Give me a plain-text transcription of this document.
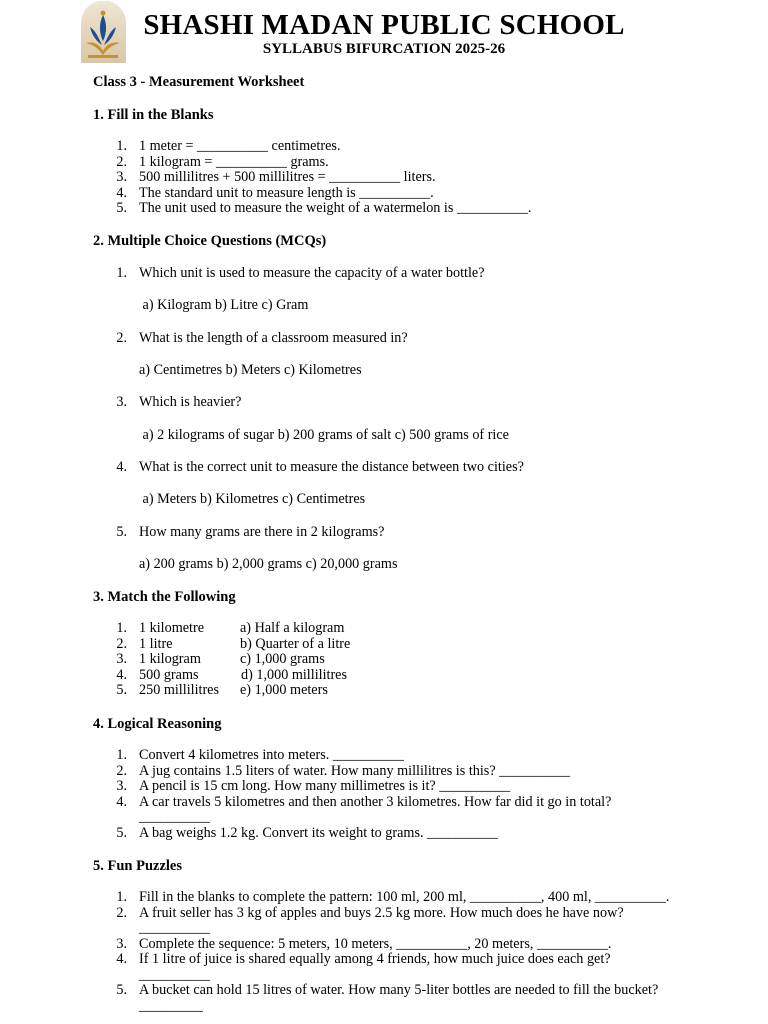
SHASHI MADAN PUBLIC SCHOOL
SYLLABUS BIFURCATION 2025-26
Class 3 - Measurement Worksheet
1. Fill in the Blanks
1. 1 meter = __________ centimetres.
2. 1 kilogram = __________ grams.
3. 500 millilitres + 500 millilitres = __________ liters.
4. The standard unit to measure length is __________.
5. The unit used to measure the weight of a watermelon is __________.
2. Multiple Choice Questions (MCQs)
1. Which unit is used to measure the capacity of a water bottle?
a) Kilogram b) Litre c) Gram
2. What is the length of a classroom measured in?
a) Centimetres b) Meters c) Kilometres
3. Which is heavier?
a) 2 kilograms of sugar b) 200 grams of salt c) 500 grams of rice
4. What is the correct unit to measure the distance between two cities?
a) Meters b) Kilometres c) Centimetres
5. How many grams are there in 2 kilograms?
a) 200 grams b) 2,000 grams c) 20,000 grams
3. Match the Following
1. 1 kilometre	a) Half a kilogram
2. 1 litre	b) Quarter of a litre
3. 1 kilogram	c) 1,000 grams
4. 500 grams	d) 1,000 millilitres
5. 250 millilitres e) 1,000 meters
4. Logical Reasoning
1. Convert 4 kilometres into meters. __________
2. A jug contains 1.5 liters of water. How many millilitres is this? __________
3. A pencil is 15 cm long. How many millimetres is it? __________
4. A car travels 5 kilometres and then another 3 kilometres. How far did it go in total?
__________
5. A bag weighs 1.2 kg. Convert its weight to grams. __________
5. Fun Puzzles
1. Fill in the blanks to complete the pattern: 100 ml, 200 ml, __________, 400 ml, __________.
2. A fruit seller has 3 kg of apples and buys 2.5 kg more. How much does he have now?
__________
3. Complete the sequence: 5 meters, 10 meters, __________, 20 meters, __________.
4. If 1 litre of juice is shared equally among 4 friends, how much juice does each get?
__________
5. A bucket can hold 15 litres of water. How many 5-liter bottles are needed to fill the bucket?
_________
